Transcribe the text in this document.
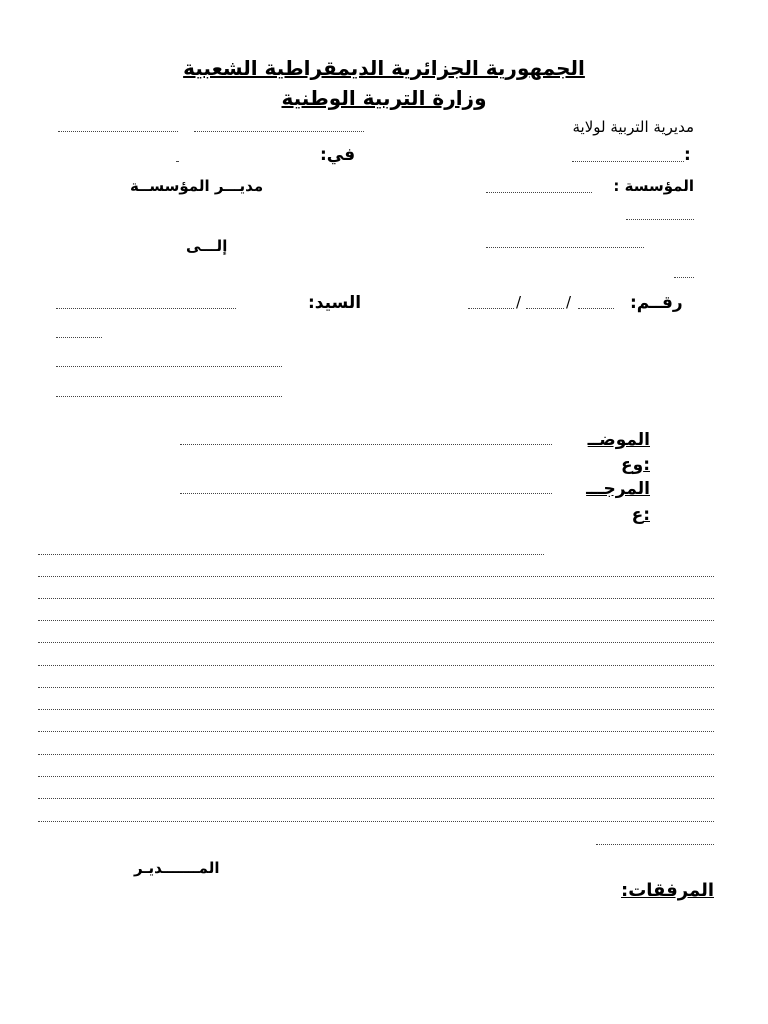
الجمهورية الجزائرية الديمقراطية الشعبية
وزارة التربية الوطنية
مديرية التربية لولاية
:
في:
المؤسسة :
مديـــر المؤسســة
إلـــى
رقــم:
/
/
السيد:
الموضــ
وع:
المرجـــ
ع:
المـــــــديـر
المرفقات:
